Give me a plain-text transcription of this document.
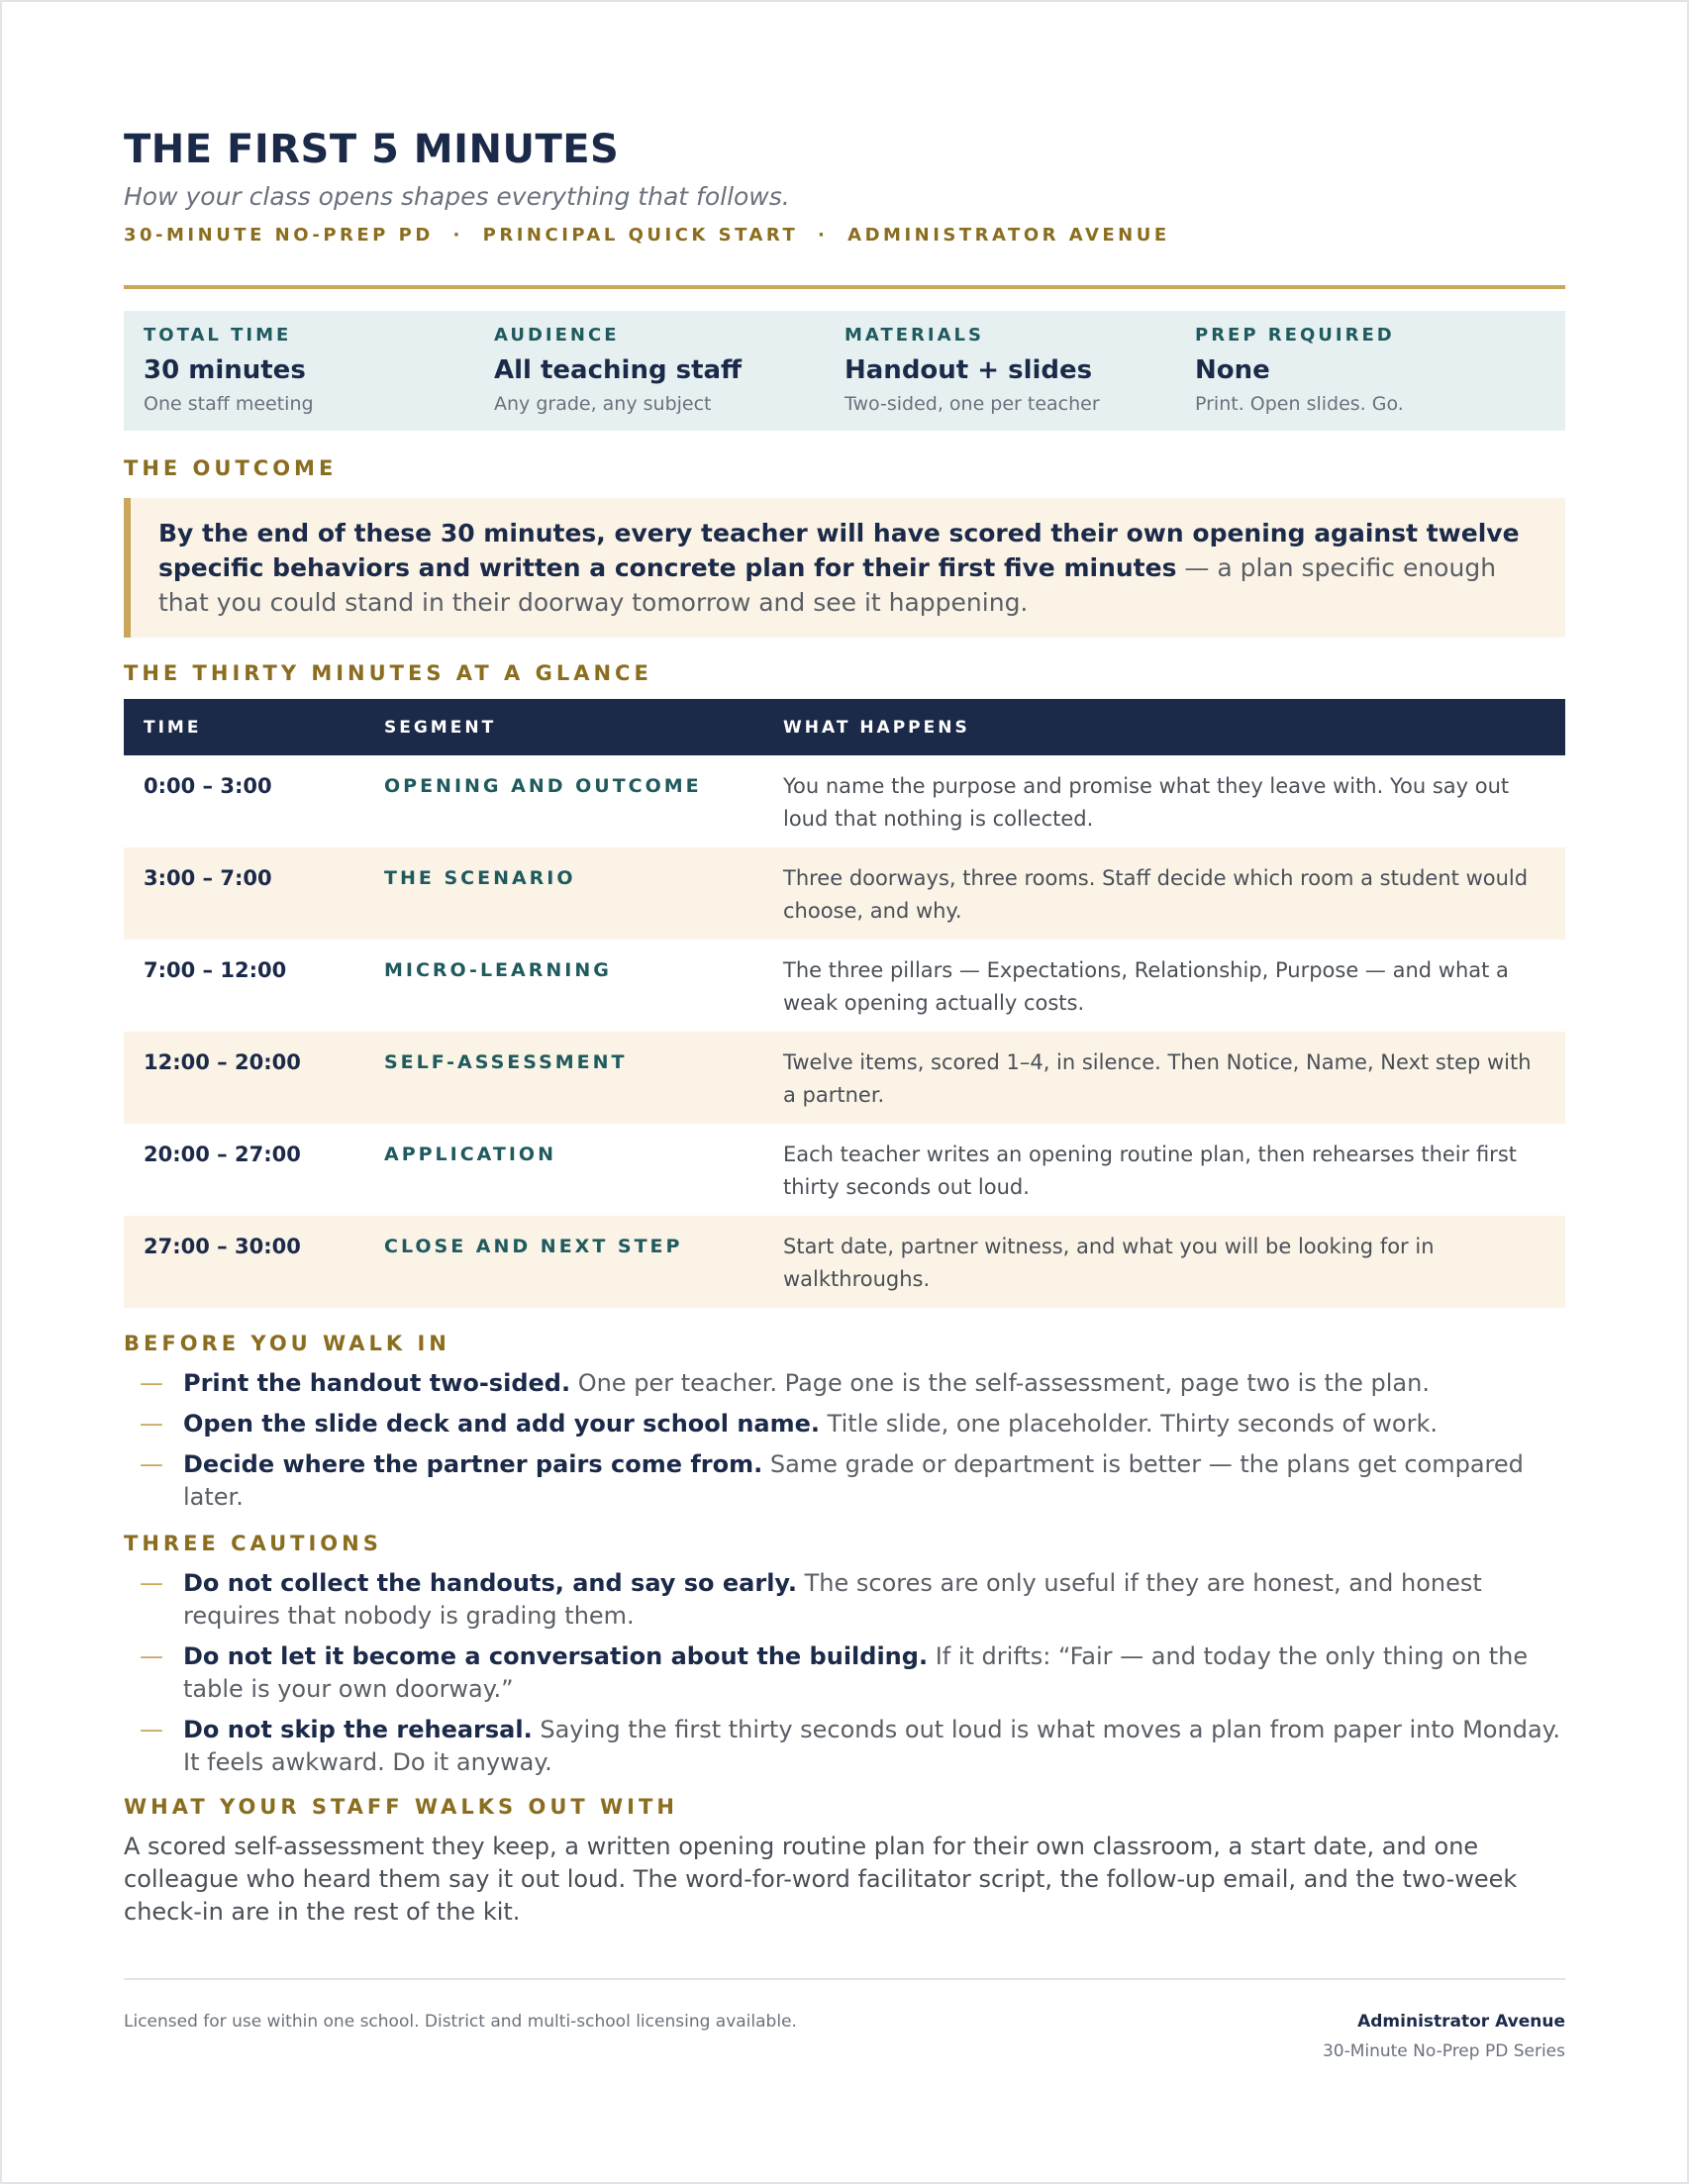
THE FIRST 5 MINUTES
How your class opens shapes everything that follows.
30-MINUTE NO-PREP PD · PRINCIPAL QUICK START · ADMINISTRATOR AVENUE
TOTAL TIME
30 minutes
One staff meeting
AUDIENCE
All teaching staff
Any grade, any subject
MATERIALS
Handout + slides
Two-sided, one per teacher
PREP REQUIRED
None
Print. Open slides. Go.
THE OUTCOME
By the end of these 30 minutes, every teacher will have scored their own opening against twelve specific behaviors and written a concrete plan for their first five minutes — a plan specific enough that you could stand in their doorway tomorrow and see it happening.
THE THIRTY MINUTES AT A GLANCE
TIME	SEGMENT	WHAT HAPPENS
0:00 – 3:00	OPENING AND OUTCOME	You name the purpose and promise what they leave with. You say out loud that nothing is collected.
3:00 – 7:00	THE SCENARIO	Three doorways, three rooms. Staff decide which room a student would choose, and why.
7:00 – 12:00	MICRO-LEARNING	The three pillars — Expectations, Relationship, Purpose — and what a weak opening actually costs.
12:00 – 20:00	SELF-ASSESSMENT	Twelve items, scored 1–4, in silence. Then Notice, Name, Next step with a partner.
20:00 – 27:00	APPLICATION	Each teacher writes an opening routine plan, then rehearses their first thirty seconds out loud.
27:00 – 30:00	CLOSE AND NEXT STEP	Start date, partner witness, and what you will be looking for in walkthroughs.
BEFORE YOU WALK IN
— Print the handout two-sided. One per teacher. Page one is the self-assessment, page two is the plan.
— Open the slide deck and add your school name. Title slide, one placeholder. Thirty seconds of work.
— Decide where the partner pairs come from. Same grade or department is better — the plans get compared later.
THREE CAUTIONS
— Do not collect the handouts, and say so early. The scores are only useful if they are honest, and honest requires that nobody is grading them.
— Do not let it become a conversation about the building. If it drifts: “Fair — and today the only thing on the table is your own doorway.”
— Do not skip the rehearsal. Saying the first thirty seconds out loud is what moves a plan from paper into Monday. It feels awkward. Do it anyway.
WHAT YOUR STAFF WALKS OUT WITH
A scored self-assessment they keep, a written opening routine plan for their own classroom, a start date, and one colleague who heard them say it out loud. The word-for-word facilitator script, the follow-up email, and the two-week check-in are in the rest of the kit.
Licensed for use within one school. District and multi-school licensing available.	Administrator Avenue
30-Minute No-Prep PD Series
